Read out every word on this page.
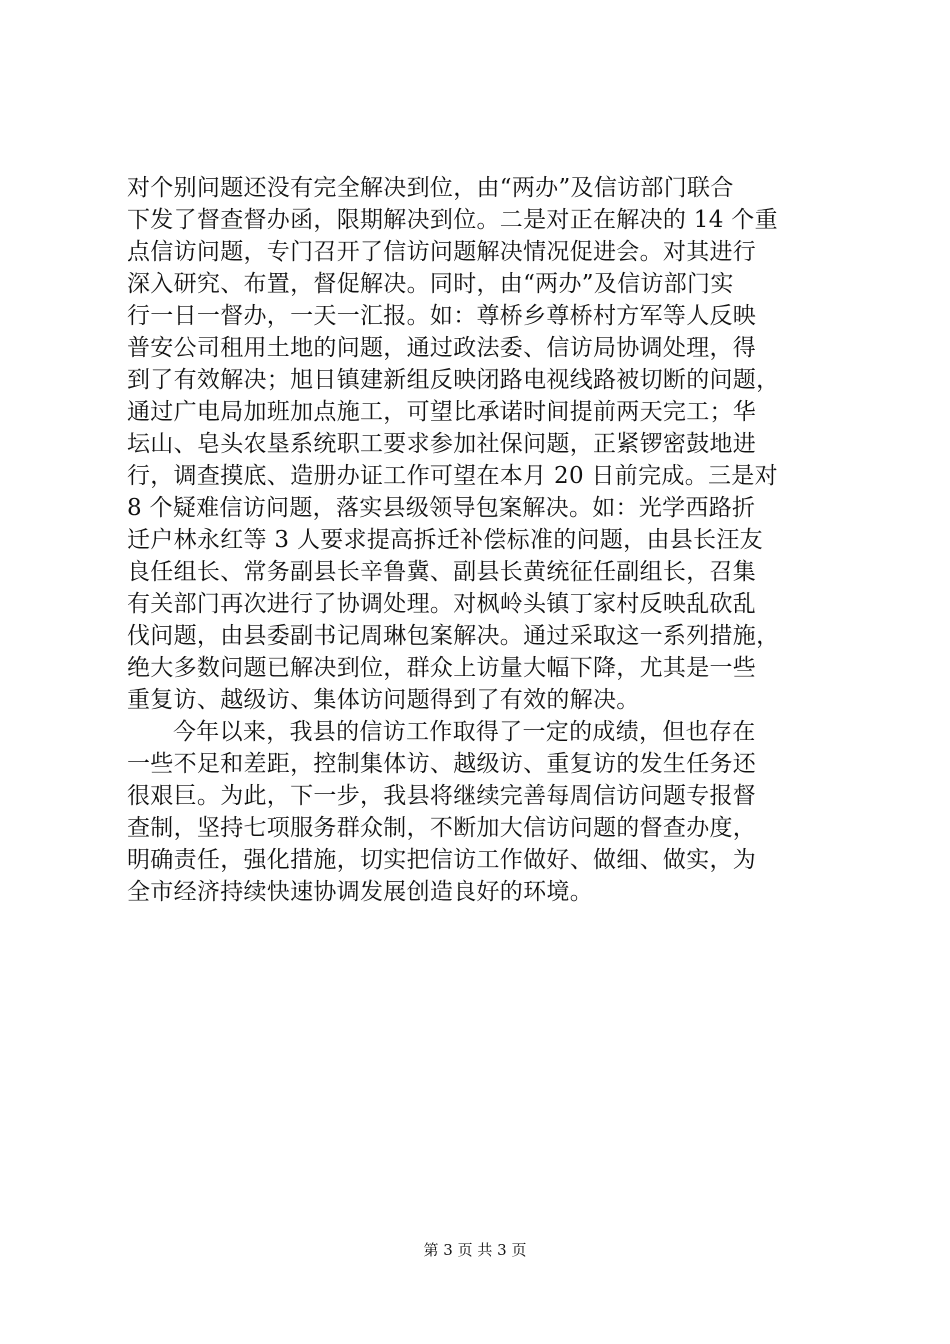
对个别问题还没有完全解决到位，由“两办”及信访部门联合
下发了督查督办函，限期解决到位。二是对正在解决的 14 个重
点信访问题，专门召开了信访问题解决情况促进会。对其进行
深入研究、布置，督促解决。同时，由“两办”及信访部门实
行一日一督办，一天一汇报。如：尊桥乡尊桥村方军等人反映
普安公司租用土地的问题，通过政法委、信访局协调处理，得
到了有效解决；旭日镇建新组反映闭路电视线路被切断的问题，
通过广电局加班加点施工，可望比承诺时间提前两天完工；华
坛山、皂头农垦系统职工要求参加社保问题，正紧锣密鼓地进
行，调查摸底、造册办证工作可望在本月 20 日前完成。三是对
8 个疑难信访问题，落实县级领导包案解决。如：光学西路折
迁户林永红等 3 人要求提高拆迁补偿标准的问题，由县长汪友
良任组长、常务副县长辛鲁冀、副县长黄统征任副组长，召集
有关部门再次进行了协调处理。对枫岭头镇丁家村反映乱砍乱
伐问题，由县委副书记周琳包案解决。通过采取这一系列措施，
绝大多数问题已解决到位，群众上访量大幅下降，尤其是一些
重复访、越级访、集体访问题得到了有效的解决。
今年以来，我县的信访工作取得了一定的成绩，但也存在
一些不足和差距，控制集体访、越级访、重复访的发生任务还
很艰巨。为此，下一步，我县将继续完善每周信访问题专报督
查制，坚持七项服务群众制，不断加大信访问题的督查办度，
明确责任，强化措施，切实把信访工作做好、做细、做实，为
全市经济持续快速协调发展创造良好的环境。
第 3 页 共 3 页
